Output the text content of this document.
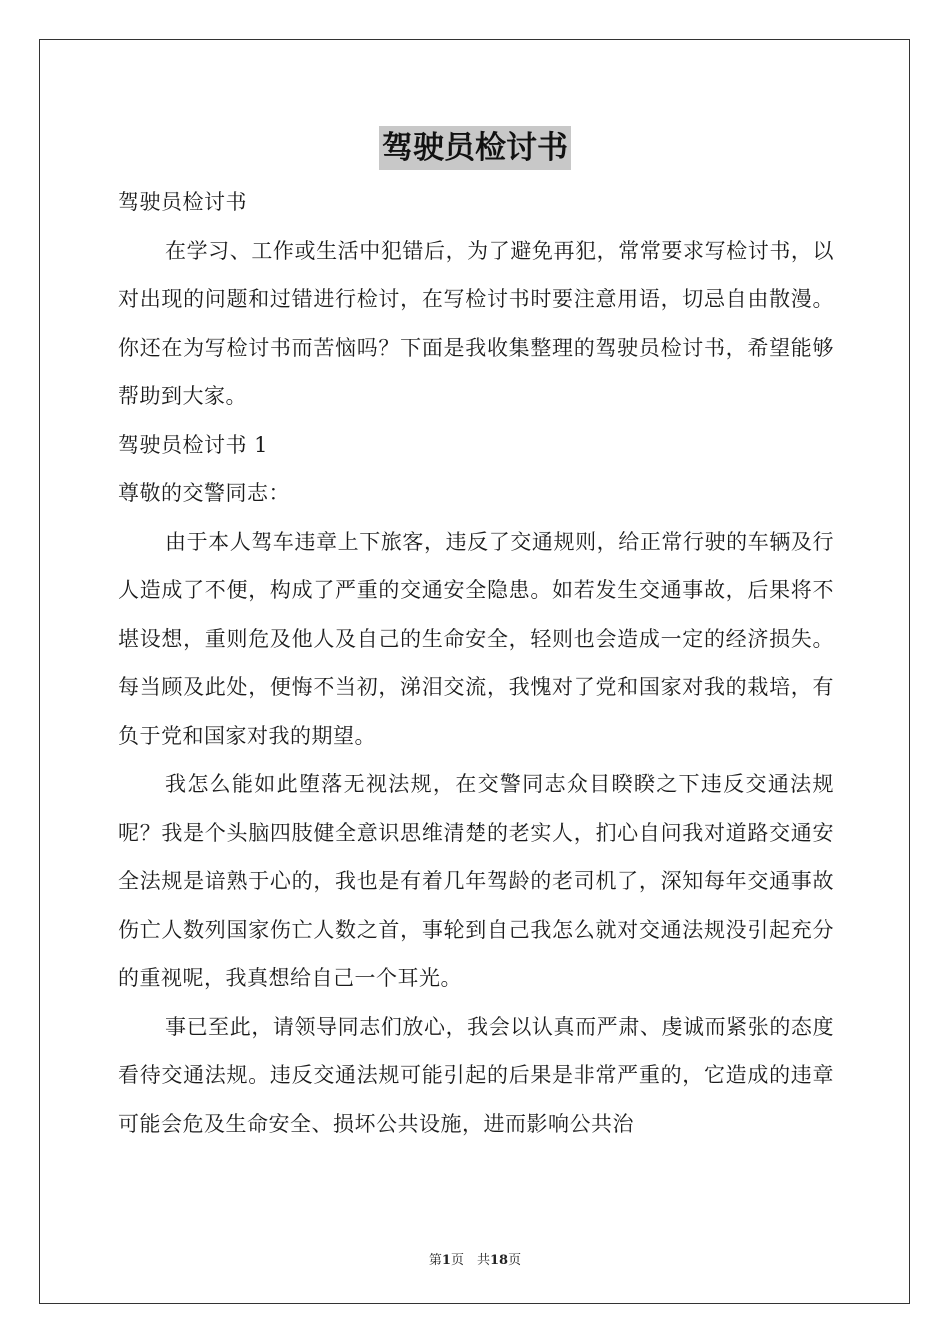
驾驶员检讨书
驾驶员检讨书
在学习、工作或生活中犯错后，为了避免再犯，常常要求写检讨书，以对出现的问题和过错进行检讨，在写检讨书时要注意用语，切忌自由散漫。你还在为写检讨书而苦恼吗？下面是我收集整理的驾驶员检讨书，希望能够帮助到大家。
驾驶员检讨书 1
尊敬的交警同志：
由于本人驾车违章上下旅客，违反了交通规则，给正常行驶的车辆及行人造成了不便，构成了严重的交通安全隐患。如若发生交通事故，后果将不堪设想，重则危及他人及自己的生命安全，轻则也会造成一定的经济损失。每当顾及此处，便悔不当初，涕泪交流，我愧对了党和国家对我的栽培，有负于党和国家对我的期望。
我怎么能如此堕落无视法规，在交警同志众目睽睽之下违反交通法规呢？我是个头脑四肢健全意识思维清楚的老实人，扪心自问我对道路交通安全法规是谙熟于心的，我也是有着几年驾龄的老司机了，深知每年交通事故伤亡人数列国家伤亡人数之首，事轮到自己我怎么就对交通法规没引起充分的重视呢，我真想给自己一个耳光。
事已至此，请领导同志们放心，我会以认真而严肃、虔诚而紧张的态度看待交通法规。违反交通法规可能引起的后果是非常严重的，它造成的违章可能会危及生命安全、损坏公共设施，进而影响公共治
第1页　共18页
